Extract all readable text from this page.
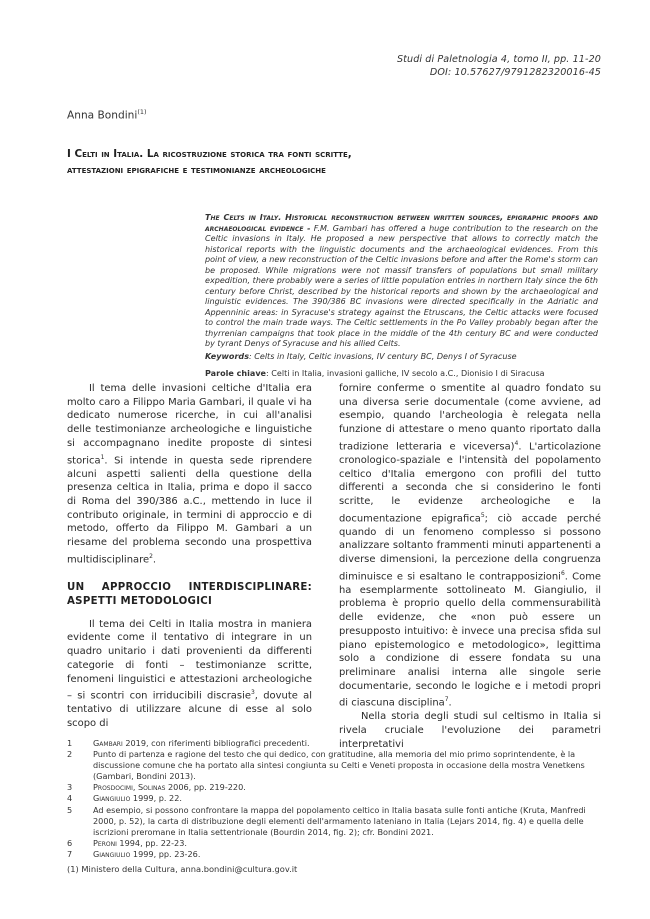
Studi di Paletnologia 4, tomo II, pp. 11-20
DOI: 10.57627/9791282320016-45
Anna Bondini$^{(1)}$
I Celti in Italia. La ricostruzione storica tra fonti scritte,
attestazioni epigrafiche e testimonianze archeologiche
The Celts in Italy. Historical reconstruction between written sources, epigraphic proofs and archaeological evidence - F.M. Gambari has offered a huge contribution to the research on the Celtic invasions in Italy. He proposed a new perspective that allows to correctly match the historical reports with the linguistic documents and the archaeological evidences. From this point of view, a new reconstruction of the Celtic invasions before and after the Rome's storm can be proposed. While migrations were not massif transfers of populations but small military expedition, there probably were a series of little population entries in northern Italy since the 6th century before Christ, described by the historical reports and shown by the archaeological and linguistic evidences. The 390/386 BC invasions were directed specifically in the Adriatic and Appenninic areas: in Syracuse's strategy against the Etruscans, the Celtic attacks were focused to control the main trade ways. The Celtic settlements in the Po Valley probably began after the thyrrenian campaigns that took place in the middle of the 4th century BC and were conducted by tyrant Denys of Syracuse and his allied Celts.
Keywords: Celts in Italy, Celtic invasions, IV century BC, Denys I of Syracuse
Parole chiave: Celti in Italia, invasioni galliche, IV secolo a.C., Dionisio I di Siracusa

Il tema delle invasioni celtiche d'Italia era molto caro a Filippo Maria Gambari, il quale vi ha dedicato numerose ricerche, in cui all'analisi delle testimonianze archeologiche e linguistiche si accompagnano inedite proposte di sintesi storica$^1$. Si intende in questa sede riprendere alcuni aspetti salienti della questione della presenza celtica in Italia, prima e dopo il sacco di Roma del 390/386 a.C., mettendo in luce il contributo originale, in termini di approccio e di metodo, offerto da Filippo M. Gambari a un riesame del problema secondo una prospettiva multidisciplinare$^2$.

UN APPROCCIO INTERDISCIPLINARE: ASPETTI METODOLOGICI

Il tema dei Celti in Italia mostra in maniera evidente come il tentativo di integrare in un quadro unitario i dati provenienti da differenti categorie di fonti – testimonianze scritte, fenomeni linguistici e attestazioni archeologiche – si scontri con irriducibili discrasie$^3$, dovute al tentativo di utilizzare alcune di esse al solo scopo di

fornire conferme o smentite al quadro fondato su una diversa serie documentale (come avviene, ad esempio, quando l'archeologia è relegata nella funzione di attestare o meno quanto riportato dalla tradizione letteraria e viceversa)$^4$. L'articolazione cronologico-spaziale e l'intensità del popolamento celtico d'Italia emergono con profili del tutto differenti a seconda che si considerino le fonti scritte, le evidenze archeologiche e la documentazione epigrafica$^5$; ciò accade perché quando di un fenomeno complesso si possono analizzare soltanto frammenti minuti appartenenti a diverse dimensioni, la percezione della congruenza diminuisce e si esaltano le contrapposizioni$^6$. Come ha esemplarmente sottolineato M. Giangiulio, il problema è proprio quello della commensurabilità delle evidenze, che «non può essere un presupposto intuitivo: è invece una precisa sfida sul piano epistemologico e metodologico», legittima solo a condizione di essere fondata su una preliminare analisi interna alle singole serie documentarie, secondo le logiche e i metodi propri di ciascuna disciplina$^7$.

Nella storia degli studi sul celtismo in Italia si rivela cruciale l'evoluzione dei parametri interpretativi

1	Gambari 2019, con riferimenti bibliografici precedenti.
2	Punto di partenza e ragione del testo che qui dedico, con gratitudine, alla memoria del mio primo soprintendente, è la discussione comune che ha portato alla sintesi congiunta su Celti e Veneti proposta in occasione della mostra Venetkens (Gambari, Bondini 2013).
3	Prosdocimi, Solinas 2006, pp. 219-220.
4	Giangiulio 1999, p. 22.
5	Ad esempio, si possono confrontare la mappa del popolamento celtico in Italia basata sulle fonti antiche (Kruta, Manfredi 2000, p. 52), la carta di distribuzione degli elementi dell'armamento lateniano in Italia (Lejars 2014, fig. 4) e quella delle iscrizioni preromane in Italia settentrionale (Bourdin 2014, fig. 2); cfr. Bondini 2021.
6	Peroni 1994, pp. 22-23.
7	Giangiulio 1999, pp. 23-26.
(1) Ministero della Cultura, anna.bondini@cultura.gov.it
